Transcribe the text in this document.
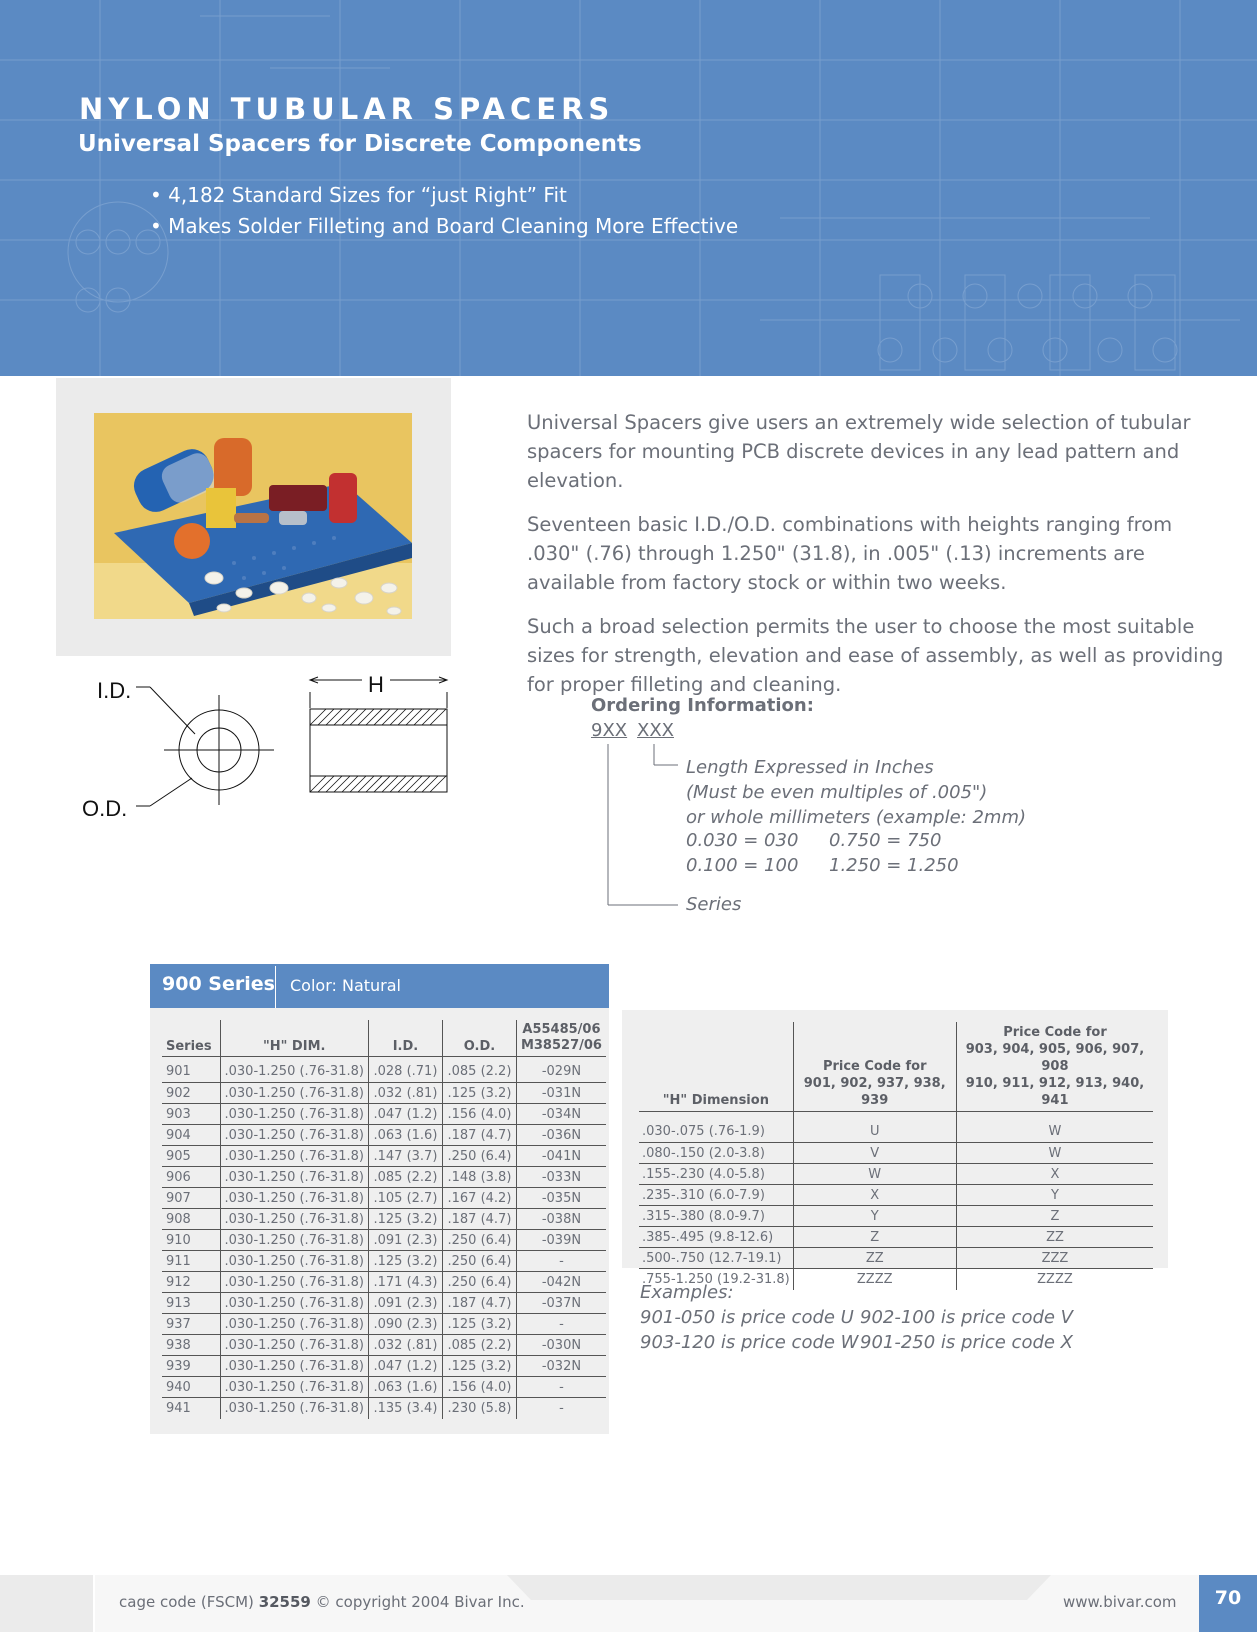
NYLON TUBULAR SPACERS
Universal Spacers for Discrete Components
• 4,182 Standard Sizes for “just Right” Fit
• Makes Solder Filleting and Board Cleaning More Effective
I.D.
O.D.
H

Universal Spacers give users an extremely wide selection of tubular spacers for mounting PCB discrete devices in any lead pattern and elevation.

Seventeen basic I.D./O.D. combinations with heights ranging from .030" (.76) through 1.250" (31.8), in .005" (.13) increments are available from factory stock or within two weeks.

Such a broad selection permits the user to choose the most suitable sizes for strength, elevation and ease of assembly, as well as providing for proper filleting and cleaning.

Ordering Information:
9XX XXX
Length Expressed in Inches
(Must be even multiples of .005")
or whole millimeters (example: 2mm)
0.030 = 030 0.750 = 750
0.100 = 100 1.250 = 1.250
Series
900 Series Color: Natural
Series	"H" DIM.	I.D.	O.D.	A55485/06
M38527/06

901	.030-1.250 (.76-31.8)	.028 (.71)	.085 (2.2)	-029N
902	.030-1.250 (.76-31.8)	.032 (.81)	.125 (3.2)	-031N
903	.030-1.250 (.76-31.8)	.047 (1.2)	.156 (4.0)	-034N
904	.030-1.250 (.76-31.8)	.063 (1.6)	.187 (4.7)	-036N
905	.030-1.250 (.76-31.8)	.147 (3.7)	.250 (6.4)	-041N
906	.030-1.250 (.76-31.8)	.085 (2.2)	.148 (3.8)	-033N
907	.030-1.250 (.76-31.8)	.105 (2.7)	.167 (4.2)	-035N
908	.030-1.250 (.76-31.8)	.125 (3.2)	.187 (4.7)	-038N
910	.030-1.250 (.76-31.8)	.091 (2.3)	.250 (6.4)	-039N
911	.030-1.250 (.76-31.8)	.125 (3.2)	.250 (6.4)	-
912	.030-1.250 (.76-31.8)	.171 (4.3)	.250 (6.4)	-042N
913	.030-1.250 (.76-31.8)	.091 (2.3)	.187 (4.7)	-037N
937	.030-1.250 (.76-31.8)	.090 (2.3)	.125 (3.2)	-
938	.030-1.250 (.76-31.8)	.032 (.81)	.085 (2.2)	-030N
939	.030-1.250 (.76-31.8)	.047 (1.2)	.125 (3.2)	-032N
940	.030-1.250 (.76-31.8)	.063 (1.6)	.156 (4.0)	-
941	.030-1.250 (.76-31.8)	.135 (3.4)	.230 (5.8)	-
"H" Dimension	Price Code for
901, 902, 937, 938, 939	Price Code for
903, 904, 905, 906, 907, 908
910, 911, 912, 913, 940, 941

.030-.075 (.76-1.9)	U	W
.080-.150 (2.0-3.8)	V	W
.155-.230 (4.0-5.8)	W	X
.235-.310 (6.0-7.9)	X	Y
.315-.380 (8.0-9.7)	Y	Z
.385-.495 (9.8-12.6)	Z	ZZ
.500-.750 (12.7-19.1)	ZZ	ZZZ
.755-1.250 (19.2-31.8)	ZZZZ	ZZZZ
Examples:
901-050 is price code U 902-100 is price code V
903-120 is price code W 901-250 is price code X
cage code (FSCM) 32559 © copyright 2004 Bivar Inc.	www.bivar.com	70
